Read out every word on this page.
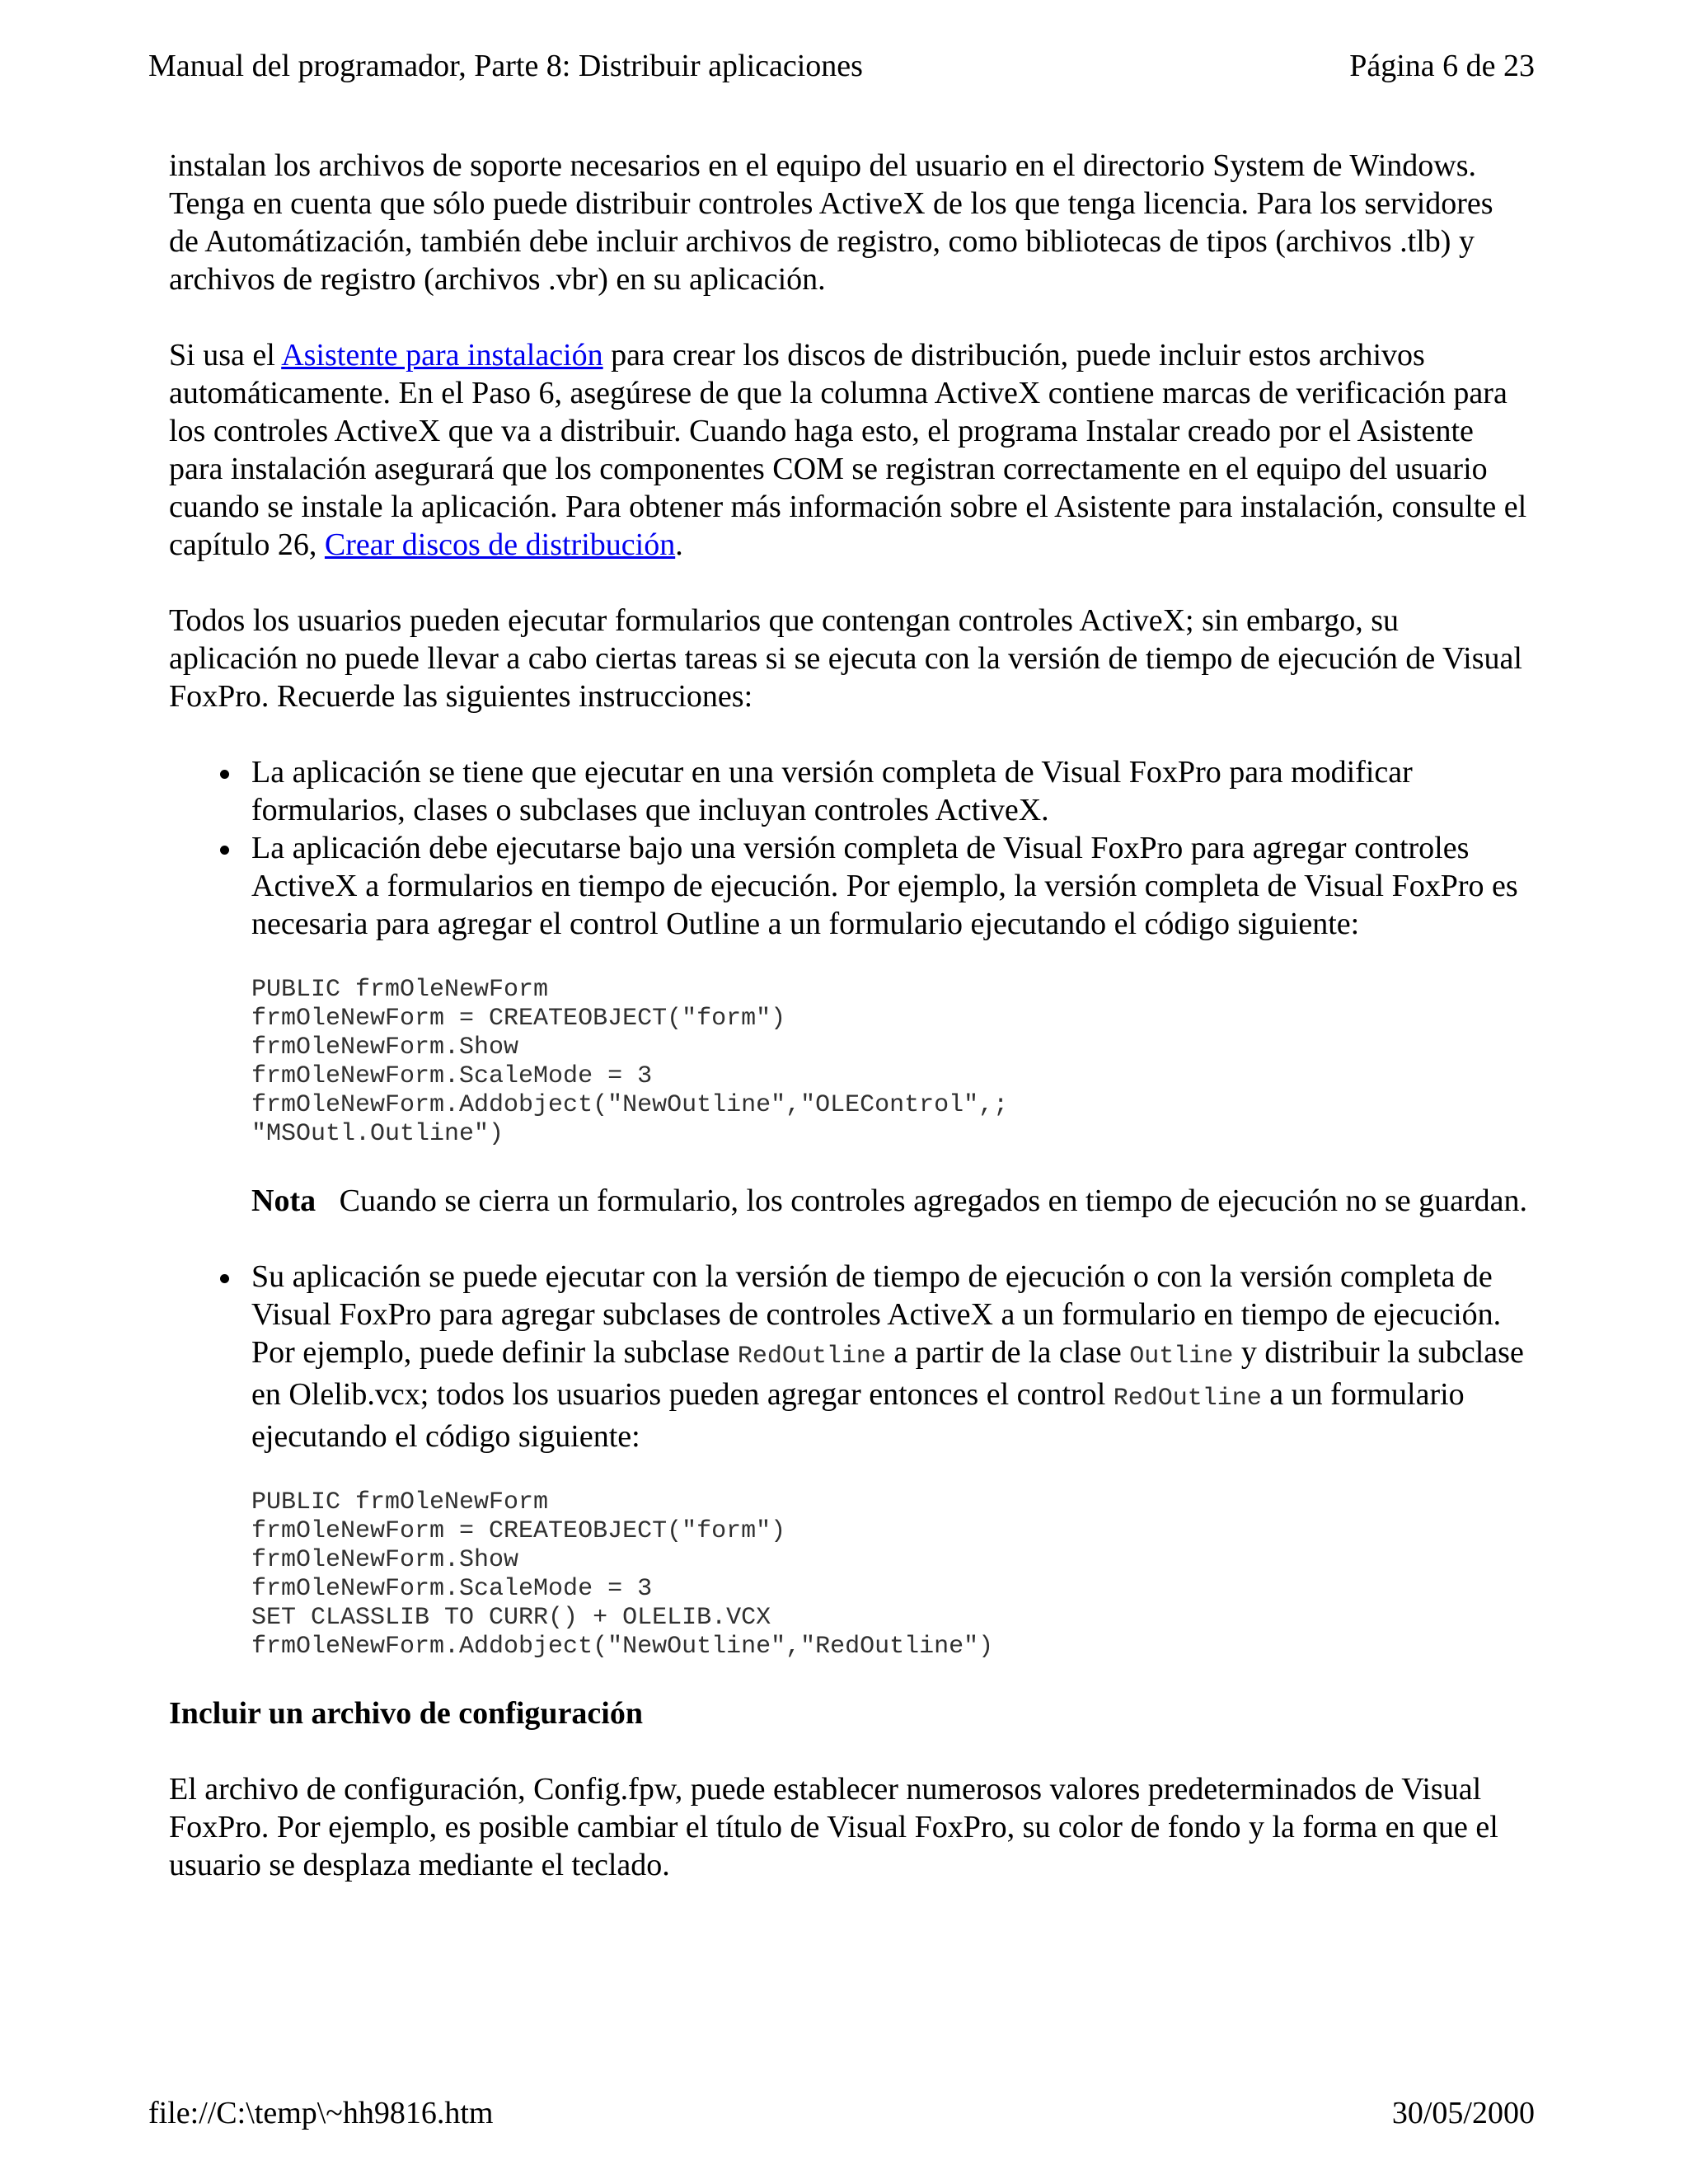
Manual del programador, Parte 8: Distribuir aplicaciones	Página 6 de 23

instalan los archivos de soporte necesarios en el equipo del usuario en el directorio System de Windows. Tenga en cuenta que sólo puede distribuir controles ActiveX de los que tenga licencia. Para los servidores de Automátización, también debe incluir archivos de registro, como bibliotecas de tipos (archivos .tlb) y archivos de registro (archivos .vbr) en su aplicación.

Si usa el Asistente para instalación para crear los discos de distribución, puede incluir estos archivos automáticamente. En el Paso 6, asegúrese de que la columna ActiveX contiene marcas de verificación para los controles ActiveX que va a distribuir. Cuando haga esto, el programa Instalar creado por el Asistente para instalación asegurará que los componentes COM se registran correctamente en el equipo del usuario cuando se instale la aplicación. Para obtener más información sobre el Asistente para instalación, consulte el capítulo 26, Crear discos de distribución.

Todos los usuarios pueden ejecutar formularios que contengan controles ActiveX; sin embargo, su aplicación no puede llevar a cabo ciertas tareas si se ejecuta con la versión de tiempo de ejecución de Visual FoxPro. Recuerde las siguientes instrucciones:

La aplicación se tiene que ejecutar en una versión completa de Visual FoxPro para modificar formularios, clases o subclases que incluyan controles ActiveX.
La aplicación debe ejecutarse bajo una versión completa de Visual FoxPro para agregar controles ActiveX a formularios en tiempo de ejecución. Por ejemplo, la versión completa de Visual FoxPro es necesaria para agregar el control Outline a un formulario ejecutando el código siguiente:
PUBLIC frmOleNewForm
frmOleNewForm = CREATEOBJECT("form")
frmOleNewForm.Show
frmOleNewForm.ScaleMode = 3
frmOleNewForm.Addobject("NewOutline","OLEControl",;
"MSOutl.Outline")

Nota   Cuando se cierra un formulario, los controles agregados en tiempo de ejecución no se guardan.

Su aplicación se puede ejecutar con la versión de tiempo de ejecución o con la versión completa de Visual FoxPro para agregar subclases de controles ActiveX a un formulario en tiempo de ejecución. Por ejemplo, puede definir la subclase RedOutline a partir de la clase Outline y distribuir la subclase en Olelib.vcx; todos los usuarios pueden agregar entonces el control RedOutline a un formulario ejecutando el código siguiente:
PUBLIC frmOleNewForm
frmOleNewForm = CREATEOBJECT("form")
frmOleNewForm.Show
frmOleNewForm.ScaleMode = 3
SET CLASSLIB TO CURR() + OLELIB.VCX
frmOleNewForm.Addobject("NewOutline","RedOutline")
Incluir un archivo de configuración

El archivo de configuración, Config.fpw, puede establecer numerosos valores predeterminados de Visual FoxPro. Por ejemplo, es posible cambiar el título de Visual FoxPro, su color de fondo y la forma en que el usuario se desplaza mediante el teclado.

file://C:\temp\~hh9816.htm	30/05/2000
